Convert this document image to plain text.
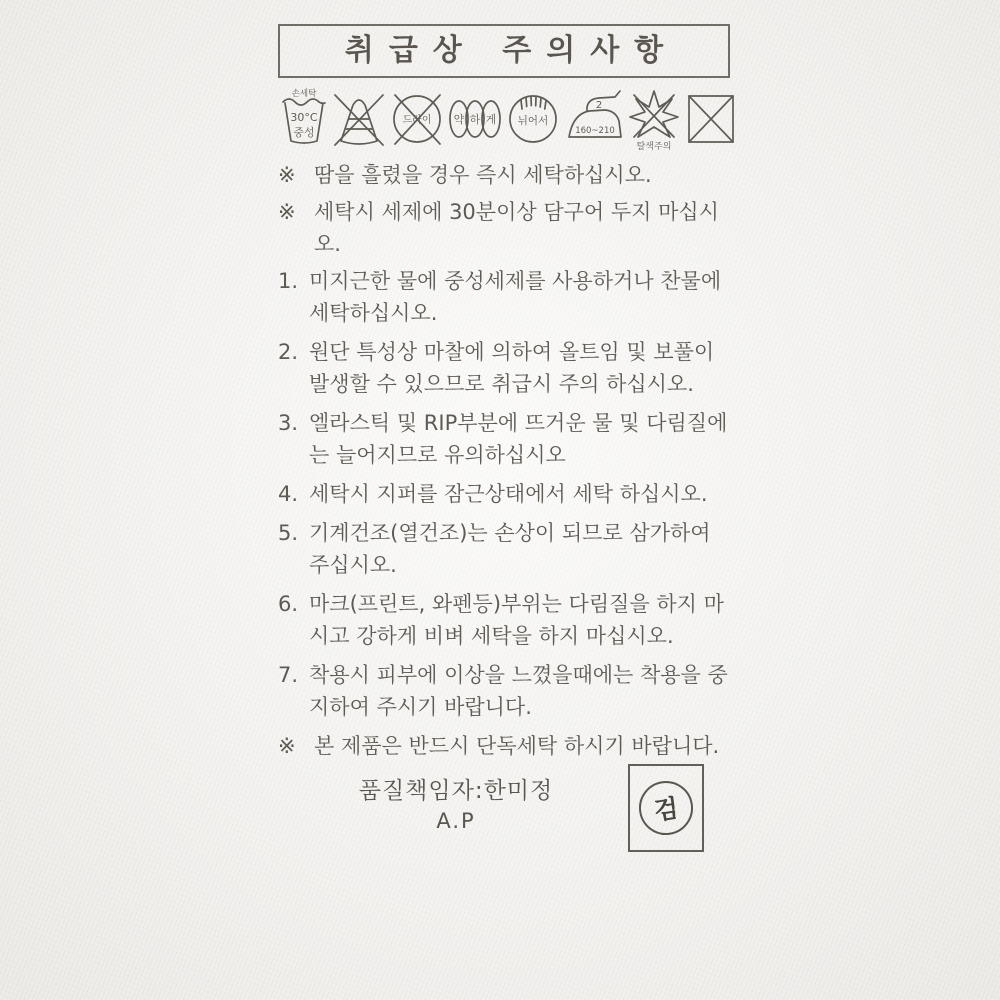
취급상 주의사항
손세탁
30°C
중성
드라이 약 하 게 뉘어서
2
160~210
탈색주의
※ 땀을 흘렸을 경우 즉시 세탁하십시오.
※ 세탁시 세제에 30분이상 담구어 두지 마십시오.
1. 미지근한 물에 중성세제를 사용하거나 찬물에 세탁하십시오.
2. 원단 특성상 마찰에 의하여 올트임 및 보풀이 발생할 수 있으므로 취급시 주의 하십시오.
3. 엘라스틱 및 RIP부분에 뜨거운 물 및 다림질에는 늘어지므로 유의하십시오
4. 세탁시 지퍼를 잠근상태에서 세탁 하십시오.
5. 기계건조(열건조)는 손상이 되므로 삼가하여 주십시오.
6. 마크(프린트, 와펜등)부위는 다림질을 하지 마시고 강하게 비벼 세탁을 하지 마십시오.
7. 착용시 피부에 이상을 느꼈을때에는 착용을 중지하여 주시기 바랍니다.
※ 본 제품은 반드시 단독세탁 하시기 바랍니다.
품질책임자:한미정
A.P	검
